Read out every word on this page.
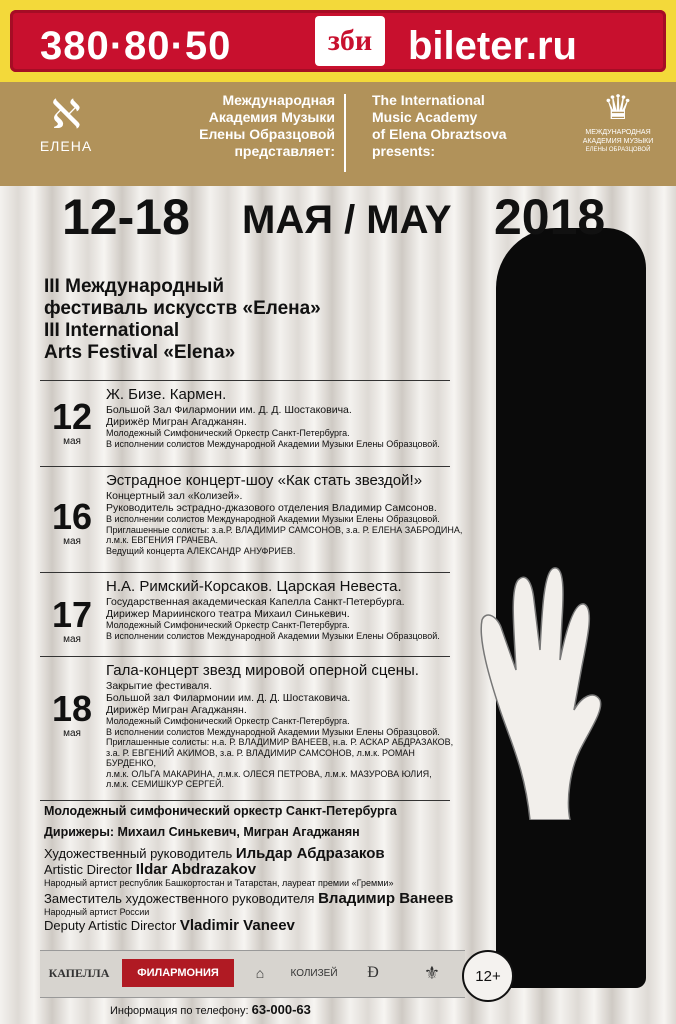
380·80·50	зби bileter.ru
ℵ
ЕЛЕНА
Международная
Академия Музыки
Елены Образцовой
представляет:
The International
Music Academy
of Elena Obraztsova
presents:
♛
МЕЖДУНАРОДНАЯ
АКАДЕМИЯ МУЗЫКИ
ЕЛЕНЫ ОБРАЗЦОВОЙ
12-18 МАЯ / MAY 2018
III Международный
фестиваль искусств «Елена»
III International
Arts Festival «Elena»
12
мая
Ж. Бизе. Кармен.
Большой Зал Филармонии им. Д. Д. Шостаковича.
Дирижёр Мигран Агаджанян.
Молодежный Симфонический Оркестр Санкт-Петербурга.
В исполнении солистов Международной Академии Музыки Елены Образцовой.
16
мая
Эстрадное концерт-шоу «Как стать звездой!»
Концертный зал «Колизей».
Руководитель эстрадно-джазового отделения Владимир Самсонов.
В исполнении солистов Международной Академии Музыки Елены Образцовой.
Приглашенные солисты: з.а.Р. ВЛАДИМИР САМСОНОВ, з.а. Р. ЕЛЕНА ЗАБРОДИНА,
л.м.к. ЕВГЕНИЯ ГРАЧЕВА.
Ведущий концерта АЛЕКСАНДР АНУФРИЕВ.
17
мая
Н.А. Римский-Корсаков. Царская Невеста.
Государственная академическая Капелла Санкт-Петербурга.
Дирижер Мариинского театра Михаил Синькевич.
Молодежный Симфонический Оркестр Санкт-Петербурга.
В исполнении солистов Международной Академии Музыки Елены Образцовой.
18
мая
Гала-концерт звезд мировой оперной сцены.
Закрытие фестиваля.
Большой зал Филармонии им. Д. Д. Шостаковича.
Дирижёр Мигран Агаджанян.
Молодежный Симфонический Оркестр Санкт-Петербурга.
В исполнении солистов Международной Академии Музыки Елены Образцовой.
Приглашенные солисты: н.а. Р. ВЛАДИМИР ВАНЕЕВ, н.а. Р. АСКАР АБДРАЗАКОВ,
з.а. Р. ЕВГЕНИЙ АКИМОВ, з.а. Р. ВЛАДИМИР САМСОНОВ, л.м.к. РОМАН БУРДЕНКО,
л.м.к. ОЛЬГА МАКАРИНА, л.м.к. ОЛЕСЯ ПЕТРОВА, л.м.к. МАЗУРОВА ЮЛИЯ,
л.м.к. СЕМИШКУР СЕРГЕЙ.
Молодежный симфонический оркестр Санкт-Петербурга
Дирижеры: Михаил Синькевич, Мигран Агаджанян
Художественный руководитель Ильдар Абдразаков
Artistic Director Ildar Abdrazakov
Народный артист республик Башкортостан и Татарстан, лауреат премии «Гремми»
Заместитель художественного руководителя Владимир Ванеев
Народный артист России
Deputy Artistic Director Vladimir Vaneev
КАПЕЛЛА	ФИЛАРМОНИЯ	⌂	КОЛИЗЕЙ	Ð	⚜	12+
Информация по телефону: 63-000-63
